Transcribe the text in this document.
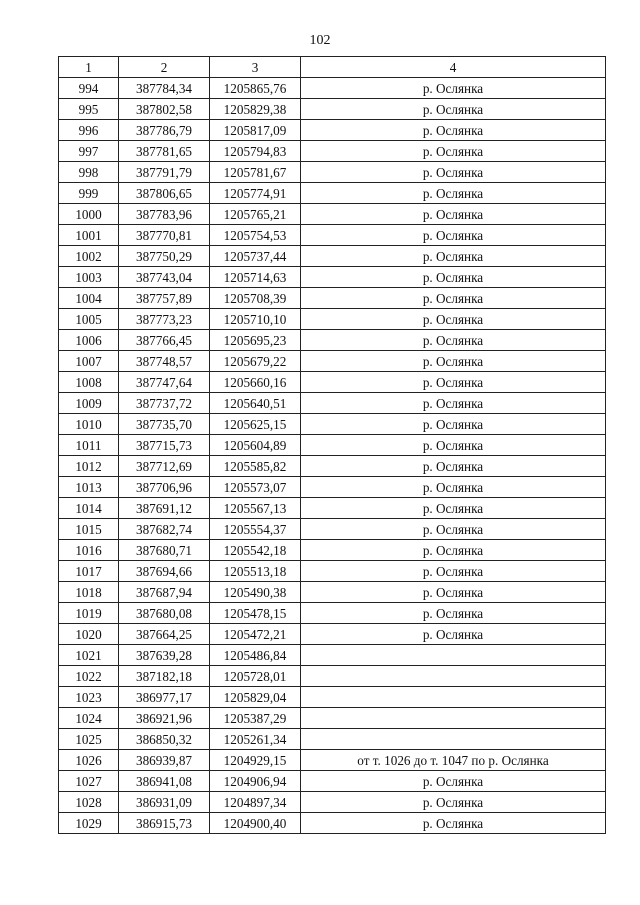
102
1	2	3	4
994	387784,34	1205865,76	р. Ослянка
995	387802,58	1205829,38	р. Ослянка
996	387786,79	1205817,09	р. Ослянка
997	387781,65	1205794,83	р. Ослянка
998	387791,79	1205781,67	р. Ослянка
999	387806,65	1205774,91	р. Ослянка
1000	387783,96	1205765,21	р. Ослянка
1001	387770,81	1205754,53	р. Ослянка
1002	387750,29	1205737,44	р. Ослянка
1003	387743,04	1205714,63	р. Ослянка
1004	387757,89	1205708,39	р. Ослянка
1005	387773,23	1205710,10	р. Ослянка
1006	387766,45	1205695,23	р. Ослянка
1007	387748,57	1205679,22	р. Ослянка
1008	387747,64	1205660,16	р. Ослянка
1009	387737,72	1205640,51	р. Ослянка
1010	387735,70	1205625,15	р. Ослянка
1011	387715,73	1205604,89	р. Ослянка
1012	387712,69	1205585,82	р. Ослянка
1013	387706,96	1205573,07	р. Ослянка
1014	387691,12	1205567,13	р. Ослянка
1015	387682,74	1205554,37	р. Ослянка
1016	387680,71	1205542,18	р. Ослянка
1017	387694,66	1205513,18	р. Ослянка
1018	387687,94	1205490,38	р. Ослянка
1019	387680,08	1205478,15	р. Ослянка
1020	387664,25	1205472,21	р. Ослянка
1021	387639,28	1205486,84	
1022	387182,18	1205728,01	
1023	386977,17	1205829,04	
1024	386921,96	1205387,29	
1025	386850,32	1205261,34	
1026	386939,87	1204929,15	от т. 1026 до т. 1047 по р. Ослянка
1027	386941,08	1204906,94	р. Ослянка
1028	386931,09	1204897,34	р. Ослянка
1029	386915,73	1204900,40	р. Ослянка
